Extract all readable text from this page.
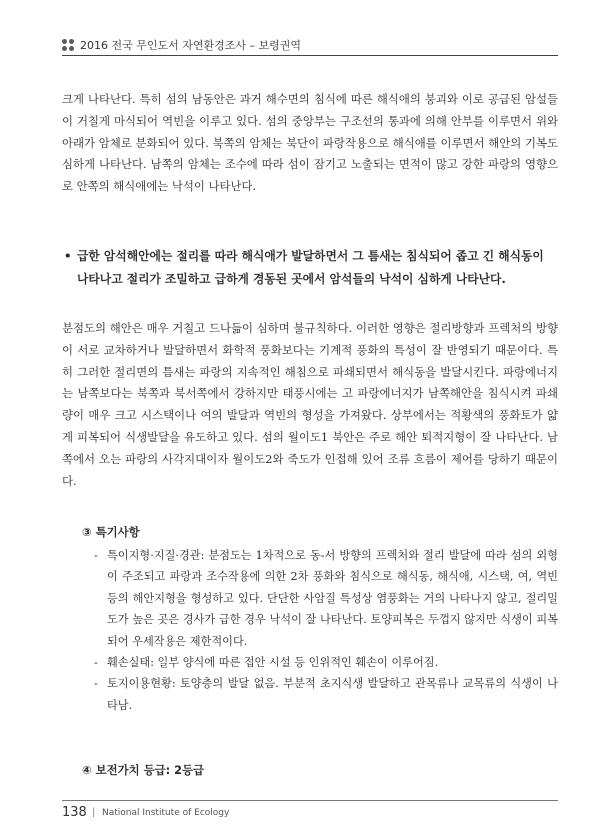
2016 전국 무인도서 자연환경조사 – 보령권역

크게 나타난다. 특히 섬의 남동안은 과거 해수면의 침식에 따른 해식애의 붕괴와 이로 공급된 암설들이 거칠게 마식되어 역빈을 이루고 있다. 섬의 중앙부는 구조선의 통과에 의해 안부를 이루면서 위와 아래가 암체로 분화되어 있다. 북쪽의 암체는 북단이 파랑작용으로 해식애를 이루면서 해안의 기복도 심하게 나타난다. 남쪽의 암체는 조수에 따라 섬이 잠기고 노출되는 면적이 많고 강한 파랑의 영향으로 안쪽의 해식애에는 낙석이 나타난다.

• 급한 암석해안에는 절리를 따라 해식애가 발달하면서 그 틈새는 침식되어 좁고 긴 해식동이 나타나고 절리가 조밀하고 급하게 경동된 곳에서 암석들의 낙석이 심하게 나타난다.

분점도의 해안은 매우 거칠고 드나듦이 심하며 불규칙하다. 이러한 영향은 절리방향과 프렉처의 방향이 서로 교차하거나 발달하면서 화학적 풍화보다는 기계적 풍화의 특성이 잘 반영되기 때문이다. 특히 그러한 절리면의 틈새는 파랑의 지속적인 해침으로 파쇄되면서 해식동을 발달시킨다. 파랑에너지는 남쪽보다는 북쪽과 북서쪽에서 강하지만 태풍시에는 고 파랑에너지가 남쪽해안을 침식시켜 파쇄량이 매우 크고 시스택이나 여의 발달과 역빈의 형성을 가져왔다. 상부에서는 적황색의 풍화토가 얇게 피복되어 식생발달을 유도하고 있다. 섬의 월이도1 북안은 주로 해안 퇴적지형이 잘 나타난다. 남쪽에서 오는 파랑의 사각지대이자 월이도2와 죽도가 인접해 있어 조류 흐름이 제어를 당하기 때문이다.

③ 특기사항
- 특이지형·지질·경관: 분점도는 1차적으로 동-서 방향의 프렉처와 절리 발달에 따라 섬의 외형이 주조되고 파랑과 조수작용에 의한 2차 풍화와 침식으로 해식동, 해식애, 시스택, 여, 역빈 등의 해안지형을 형성하고 있다. 단단한 사암질 특성상 염풍화는 거의 나타나지 않고, 절리밀도가 높은 곳은 경사가 급한 경우 낙석이 잘 나타난다. 토양피복은 두껍지 않지만 식생이 피복되어 우세작용은 제한적이다.
- 훼손실태: 일부 양식에 따른 접안 시설 등 인위적인 훼손이 이루어짐.
- 토지이용현황: 토양층의 발달 없음. 부분적 초지식생 발달하고 관목류나 교목류의 식생이 나타남.
④ 보전가치 등급: 2등급
138 | National Institute of Ecology
